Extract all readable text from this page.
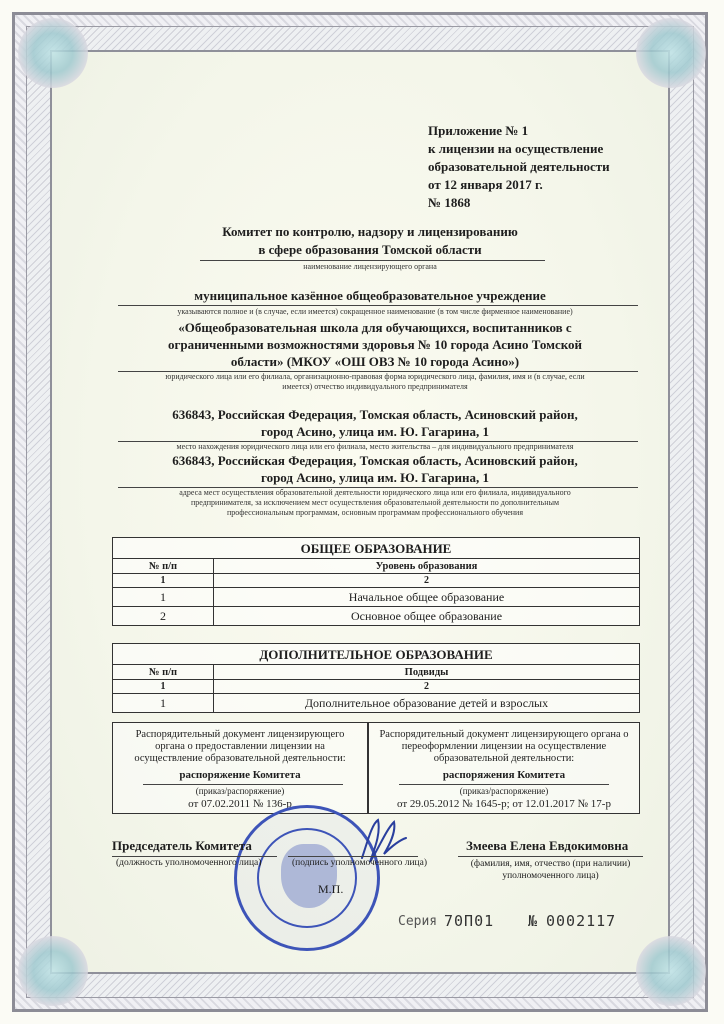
Приложение № 1
к лицензии на осуществление
образовательной деятельности
от 12 января 2017 г.
№ 1868
Комитет по контролю, надзору и лицензированию
в сфере образования Томской области
наименование лицензирующего органа
муниципальное казённое общеобразовательное учреждение
указываются полное и (в случае, если имеется) сокращенное наименование (в том числе фирменное наименование)
«Общеобразовательная школа для обучающихся, воспитанников с
ограниченными возможностями здоровья № 10 города Асино Томской
области» (МКОУ «ОШ ОВЗ № 10 города Асино»)
юридического лица или его филиала, организационно-правовая форма юридического лица, фамилия, имя и (в случае, если
имеется) отчество индивидуального предпринимателя
636843, Российская Федерация, Томская область, Асиновский район,
город Асино, улица им. Ю. Гагарина, 1
место нахождения юридического лица или его филиала, место жительства – для индивидуального предпринимателя
636843, Российская Федерация, Томская область, Асиновский район,
город Асино, улица им. Ю. Гагарина, 1
адреса мест осуществления образовательной деятельности юридического лица или его филиала, индивидуального
предпринимателя, за исключением мест осуществления образовательной деятельности по дополнительным
профессиональным программам, основным программам профессионального обучения
ОБЩЕЕ ОБРАЗОВАНИЕ	
№ п/п	Уровень образования
1	2
1	Начальное общее образование
2	Основное общее образование
ДОПОЛНИТЕЛЬНОЕ ОБРАЗОВАНИЕ	
№ п/п	Подвиды
1	2
1	Дополнительное образование детей и взрослых
Распорядительный документ лицензирующего
органа о предоставлении лицензии на
осуществление образовательной деятельности:
распоряжение Комитета
(приказ/распоряжение)
от 07.02.2011 № 136-р
Распорядительный документ лицензирующего органа о
переоформлении лицензии на осуществление
образовательной деятельности:
распоряжения Комитета
(приказ/распоряжение)
от 29.05.2012 № 1645-р; от 12.01.2017 № 17-р
Председатель Комитета
(должность уполномоченного лица)	(подпись уполномоченного лица)
Змеева Елена Евдокимовна
(фамилия, имя, отчество (при наличии)
уполномоченного лица)
М.П.
Серия 70П01 № 0002117
